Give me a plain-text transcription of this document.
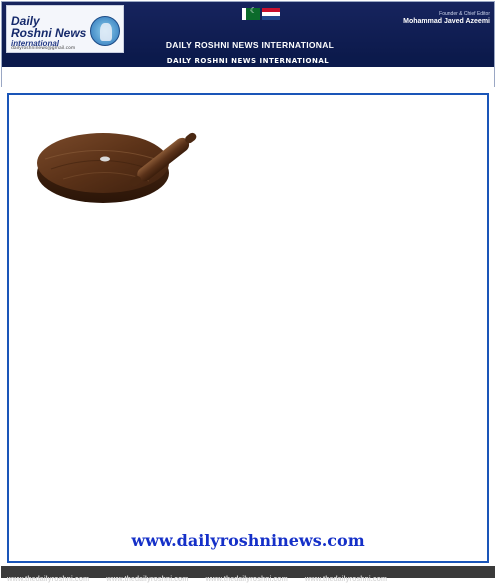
Daily
Roshni News
international
dailyroshninews@gmail.com
☾	DAILY ROSHNI NEWS INTERNATIONAL
Founder & Chief Editor
Mohammad Javed Azeemi
DAILY ROSHNI NEWS INTERNATIONAL
www.dailyroshninews.com
www.thedailyroshni.com www.thedailyroshni.com www.thedailyroshni.com www.thedailyroshni.com
